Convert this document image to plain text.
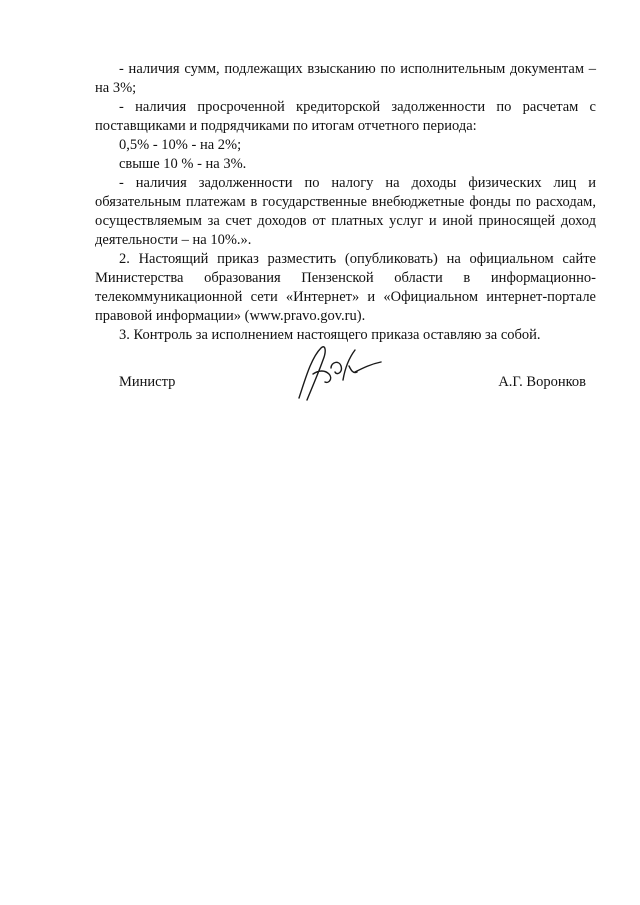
- наличия сумм, подлежащих взысканию по исполнительным документам – на 3%;

- наличия просроченной кредиторской задолженности по расчетам с поставщиками и подрядчиками по итогам отчетного периода:

0,5% - 10% - на 2%;

свыше 10 % - на 3%.

- наличия задолженности по налогу на доходы физических лиц и обязательным платежам в государственные внебюджетные фонды по расходам, осуществляемым за счет доходов от платных услуг и иной приносящей доход деятельности – на 10%.».

2. Настоящий приказ разместить (опубликовать) на официальном сайте Министерства образования Пензенской области в информационно-телекоммуникационной сети «Интернет» и «Официальном интернет-портале правовой информации» (www.pravo.gov.ru).

3. Контроль за исполнением настоящего приказа оставляю за собой.

Министр	А.Г. Воронков
